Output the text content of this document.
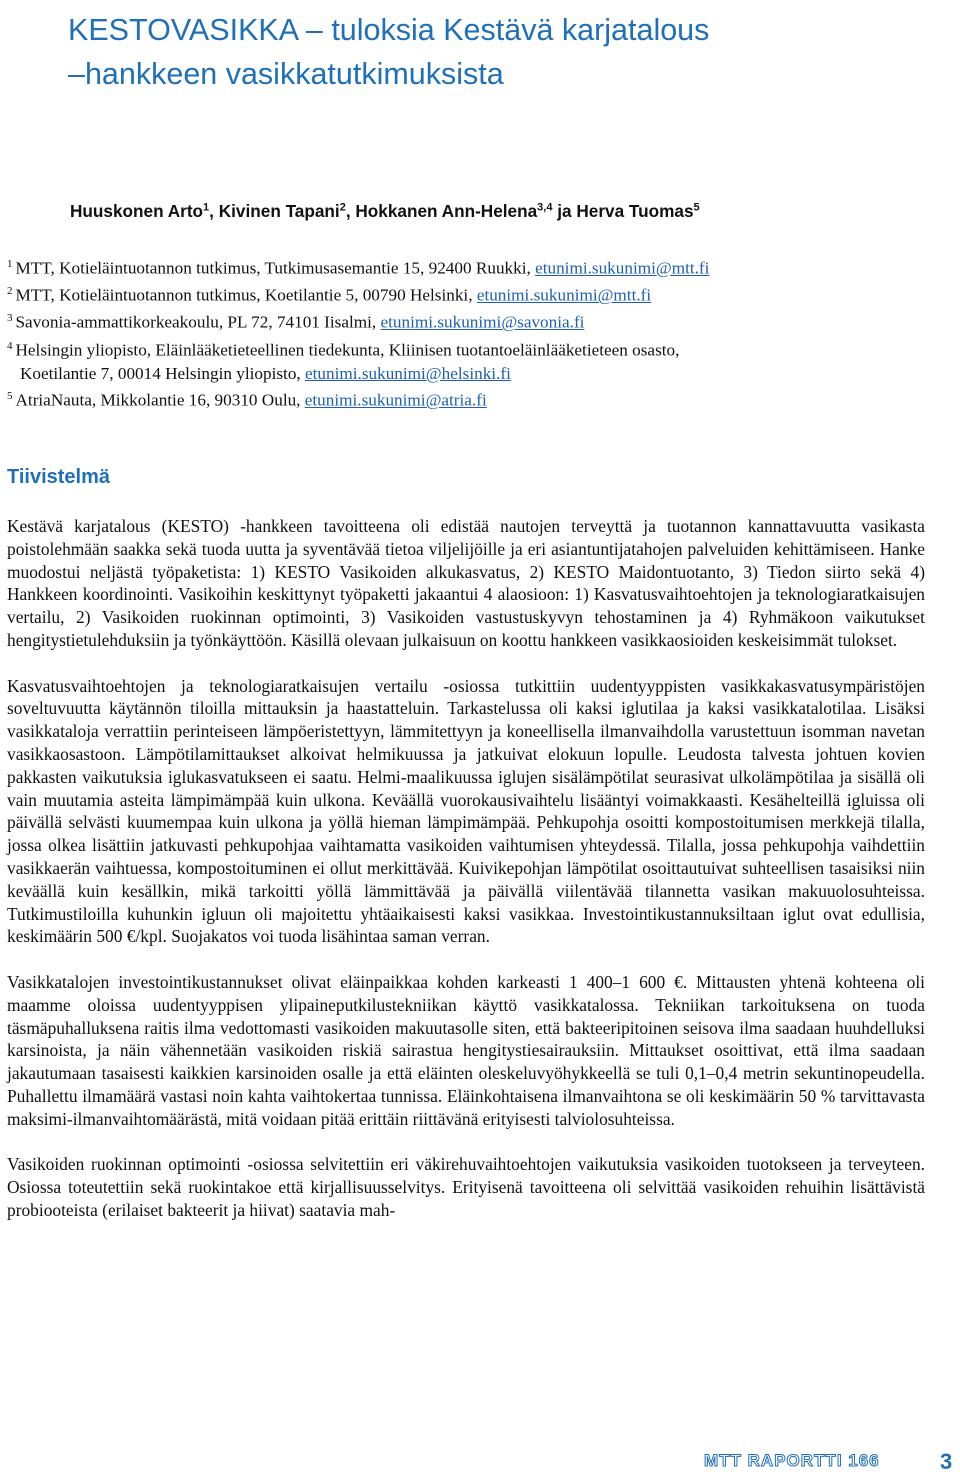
KESTOVASIKKA – tuloksia Kestävä karjatalous
–hankkeen vasikkatutkimuksista
Huuskonen Arto$^1$, Kivinen Tapani$^2$, Hokkanen Ann-Helena$^{3,4}$ ja Herva Tuomas$^5$
$^1$ MTT, Kotieläintuotannon tutkimus, Tutkimusasemantie 15, 92400 Ruukki, etunimi.sukunimi@mtt.fi
$^2$ MTT, Kotieläintuotannon tutkimus, Koetilantie 5, 00790 Helsinki, etunimi.sukunimi@mtt.fi
$^3$ Savonia-ammattikorkeakoulu, PL 72, 74101 Iisalmi, etunimi.sukunimi@savonia.fi
$^4$ Helsingin yliopisto, Eläinlääketieteellinen tiedekunta, Kliinisen tuotantoeläinlääketieteen osasto,
Koetilantie 7, 00014 Helsingin yliopisto, etunimi.sukunimi@helsinki.fi
$^5$ AtriaNauta, Mikkolantie 16, 90310 Oulu, etunimi.sukunimi@atria.fi
Tiivistelmä

Kestävä karjatalous (KESTO) -hankkeen tavoitteena oli edistää nautojen terveyttä ja tuotannon kannattavuutta vasikasta poistolehmään saakka sekä tuoda uutta ja syventävää tietoa viljelijöille ja eri asiantuntijatahojen palveluiden kehittämiseen. Hanke muodostui neljästä työpaketista: 1) KESTO Vasikoiden alkukasvatus, 2) KESTO Maidontuotanto, 3) Tiedon siirto sekä 4) Hankkeen koordinointi. Vasikoihin keskittynyt työpaketti jakaantui 4 alaosioon: 1) Kasvatusvaihtoehtojen ja teknologiaratkaisujen vertailu, 2) Vasikoiden ruokinnan optimointi, 3) Vasikoiden vastustuskyvyn tehostaminen ja 4) Ryhmäkoon vaikutukset hengitystietulehduksiin ja työnkäyttöön. Käsillä olevaan julkaisuun on koottu hankkeen vasikkaosioiden keskeisimmät tulokset.

Kasvatusvaihtoehtojen ja teknologiaratkaisujen vertailu -osiossa tutkittiin uudentyyppisten vasikkakasvatusympäristöjen soveltuvuutta käytännön tiloilla mittauksin ja haastatteluin. Tarkastelussa oli kaksi iglutilaa ja kaksi vasikkatalotilaa. Lisäksi vasikkataloja verrattiin perinteiseen lämpöeristettyyn, lämmitettyyn ja koneellisella ilmanvaihdolla varustettuun isomman navetan vasikkaosastoon. Lämpötilamittaukset alkoivat helmikuussa ja jatkuivat elokuun lopulle. Leudosta talvesta johtuen kovien pakkasten vaikutuksia iglukasvatukseen ei saatu. Helmi-maalikuussa iglujen sisälämpötilat seurasivat ulkolämpötilaa ja sisällä oli vain muutamia asteita lämpimämpää kuin ulkona. Keväällä vuorokausivaihtelu lisääntyi voimakkaasti. Kesähelteillä igluissa oli päivällä selvästi kuumempaa kuin ulkona ja yöllä hieman lämpimämpää. Pehkupohja osoitti kompostoitumisen merkkejä tilalla, jossa olkea lisättiin jatkuvasti pehkupohjaa vaihtamatta vasikoiden vaihtumisen yhteydessä. Tilalla, jossa pehkupohja vaihdettiin vasikkaerän vaihtuessa, kompostoituminen ei ollut merkittävää. Kuivikepohjan lämpötilat osoittautuivat suhteellisen tasaisiksi niin keväällä kuin kesällkin, mikä tarkoitti yöllä lämmittävää ja päivällä viilentävää tilannetta vasikan makuuolosuhteissa. Tutkimustiloilla kuhunkin igluun oli majoitettu yhtäaikaisesti kaksi vasikkaa. Investointikustannuksiltaan iglut ovat edullisia, keskimäärin 500 €/kpl. Suojakatos voi tuoda lisähintaa saman verran.

Vasikkatalojen investointikustannukset olivat eläinpaikkaa kohden karkeasti 1 400–1 600 €. Mittausten yhtenä kohteena oli maamme oloissa uudentyyppisen ylipaineputkilustekniikan käyttö vasikkatalossa. Tekniikan tarkoituksena on tuoda täsmäpuhalluksena raitis ilma vedottomasti vasikoiden makuutasolle siten, että bakteeripitoinen seisova ilma saadaan huuhdelluksi karsinoista, ja näin vähennetään vasikoiden riskiä sairastua hengitystiesairauksiin. Mittaukset osoittivat, että ilma saadaan jakautumaan tasaisesti kaikkien karsinoiden osalle ja että eläinten oleskeluvyöhykkeellä se tuli 0,1–0,4 metrin sekuntinopeudella. Puhallettu ilmamäärä vastasi noin kahta vaihtokertaa tunnissa. Eläinkohtaisena ilmanvaihtona se oli keskimäärin 50 % tarvittavasta maksimi-ilmanvaihtomäärästä, mitä voidaan pitää erittäin riittävänä erityisesti talviolosuhteissa.

Vasikoiden ruokinnan optimointi -osiossa selvitettiin eri väkirehuvaihtoehtojen vaikutuksia vasikoiden tuotokseen ja terveyteen. Osiossa toteutettiin sekä ruokintakoe että kirjallisuusselvitys. Erityisenä tavoitteena oli selvittää vasikoiden rehuihin lisättävistä probiooteista (erilaiset bakteerit ja hiivat) saatavia mah-

MTT RAPORTTI 166	3
